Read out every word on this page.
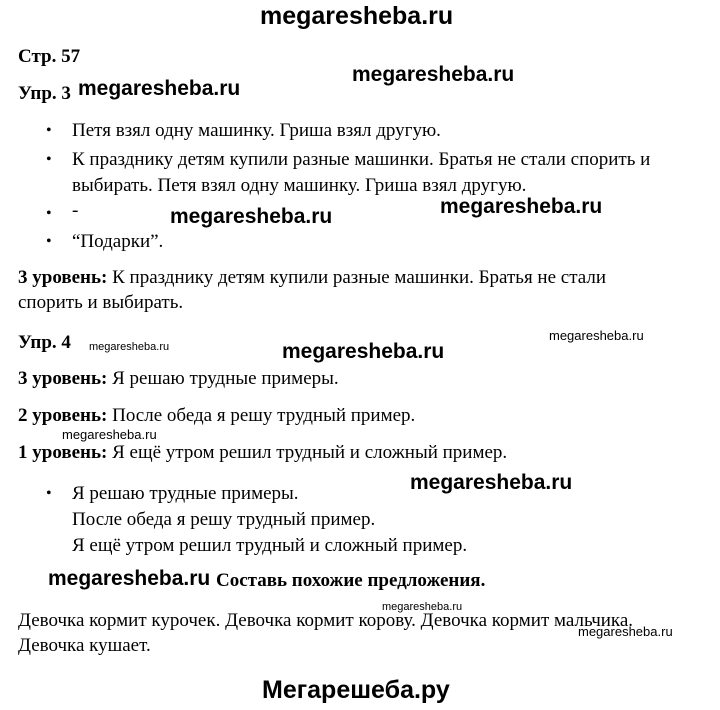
megaresheba.ru
Стр. 57
Упр. 3 megaresheba.ru
megaresheba.ru
• Петя взял одну машинку. Гриша взял другую.
• К празднику детям купили разные машинки. Братья не стали спорить и
выбирать. Петя взял одну машинку. Гриша взял другую.
• -	megaresheba.ru	megaresheba.ru
• “Подарки”.
3 уровень: К празднику детям купили разные машинки. Братья не стали
спорить и выбирать.
Упр. 4 megaresheba.ru	megaresheba.ru
megaresheba.ru
3 уровень: Я решаю трудные примеры.
2 уровень: После обеда я решу трудный пример.
megaresheba.ru
1 уровень: Я ещё утром решил трудный и сложный пример.
• Я решаю трудные примеры.
После обеда я решу трудный пример.
Я ещё утром решил трудный и сложный пример.
megaresheba.ru
megaresheba.ru Составь похожие предложения.
megaresheba.ru
Девочка кормит курочек. Девочка кормит корову. Девочка кормит мальчика.
megaresheba.ru
Девочка кушает.
Мегарешеба.ру
